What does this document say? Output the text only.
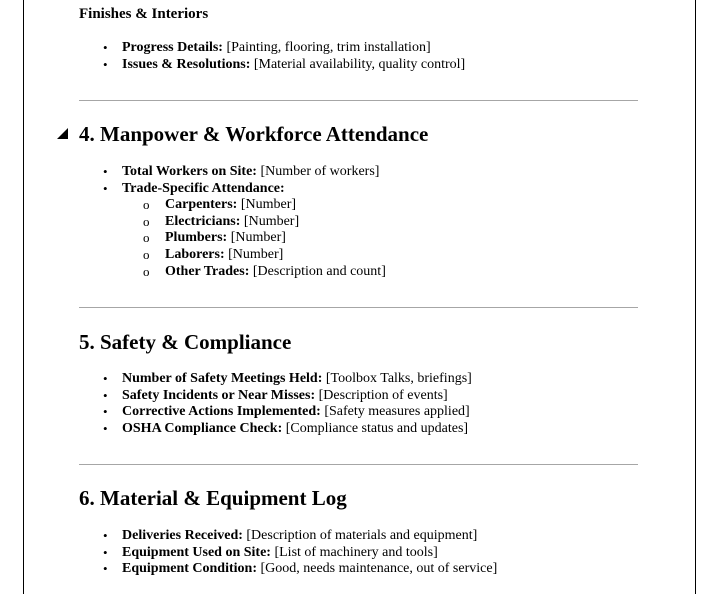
Finishes & Interiors
• Progress Details: [Painting, flooring, trim installation]
• Issues & Resolutions: [Material availability, quality control]
4. Manpower & Workforce Attendance
• Total Workers on Site: [Number of workers]
• Trade-Specific Attendance:
o Carpenters: [Number]
o Electricians: [Number]
o Plumbers: [Number]
o Laborers: [Number]
o Other Trades: [Description and count]
5. Safety & Compliance
• Number of Safety Meetings Held: [Toolbox Talks, briefings]
• Safety Incidents or Near Misses: [Description of events]
• Corrective Actions Implemented: [Safety measures applied]
• OSHA Compliance Check: [Compliance status and updates]
6. Material & Equipment Log
• Deliveries Received: [Description of materials and equipment]
• Equipment Used on Site: [List of machinery and tools]
• Equipment Condition: [Good, needs maintenance, out of service]
